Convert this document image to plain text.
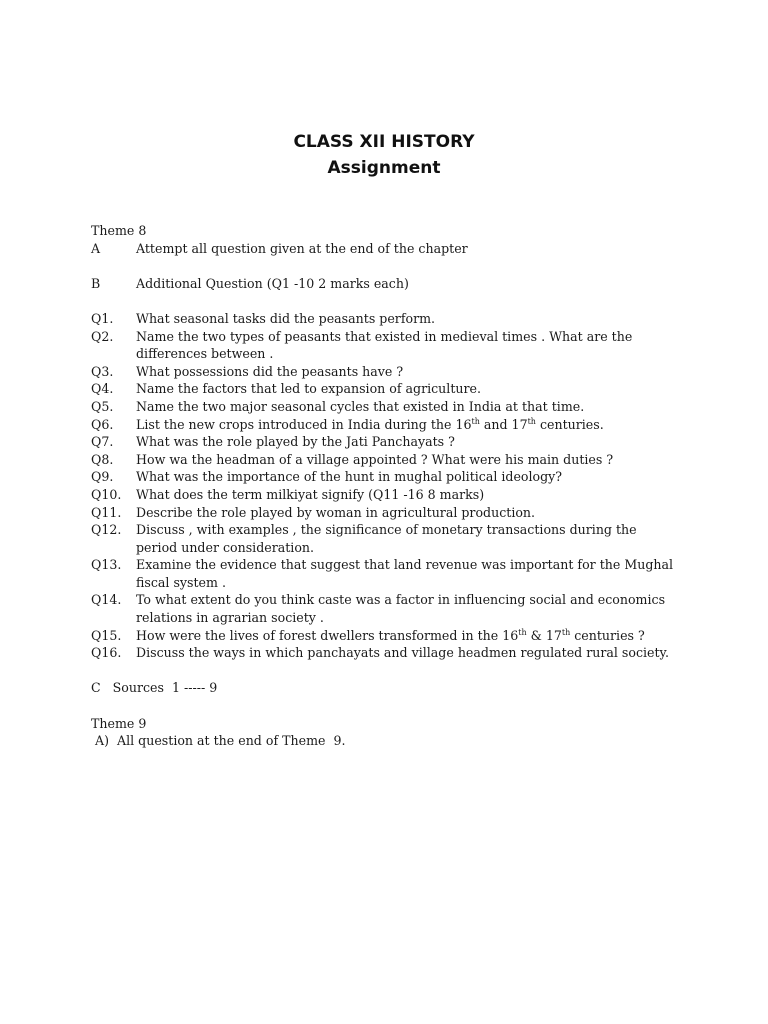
CLASS XII HISTORY
Assignment
Theme 8
A	Attempt all question given at the end of the chapter
B	Additional Question (Q1 -10 2 marks each)
Q1. What seasonal tasks did the peasants perform.
Q2. Name the two types of peasants that existed in medieval times . What are the differences between .
Q3. What possessions did the peasants have ?
Q4. Name the factors that led to expansion of agriculture.
Q5. Name the two major seasonal cycles that existed in India at that time.
Q6. List the new crops introduced in India during the 16th and 17th centuries.
Q7. What was the role played by the Jati Panchayats ?
Q8. How wa the headman of a village appointed ? What were his main duties ?
Q9. What was the importance of the hunt in mughal political ideology?
Q10. What does the term milkiyat signify (Q11 -16 8 marks)
Q11. Describe the role played by woman in agricultural production.
Q12. Discuss , with examples , the significance of monetary transactions during the period under consideration.
Q13. Examine the evidence that suggest that land revenue was important for the Mughal fiscal system .
Q14. To what extent do you think caste was a factor in influencing social and economics relations in agrarian society .
Q15. How were the lives of forest dwellers transformed in the 16th & 17th centuries ?
Q16. Discuss the ways in which panchayats and village headmen regulated rural society.
C   Sources  1 ----- 9
Theme 9
A)  All question at the end of Theme  9.
